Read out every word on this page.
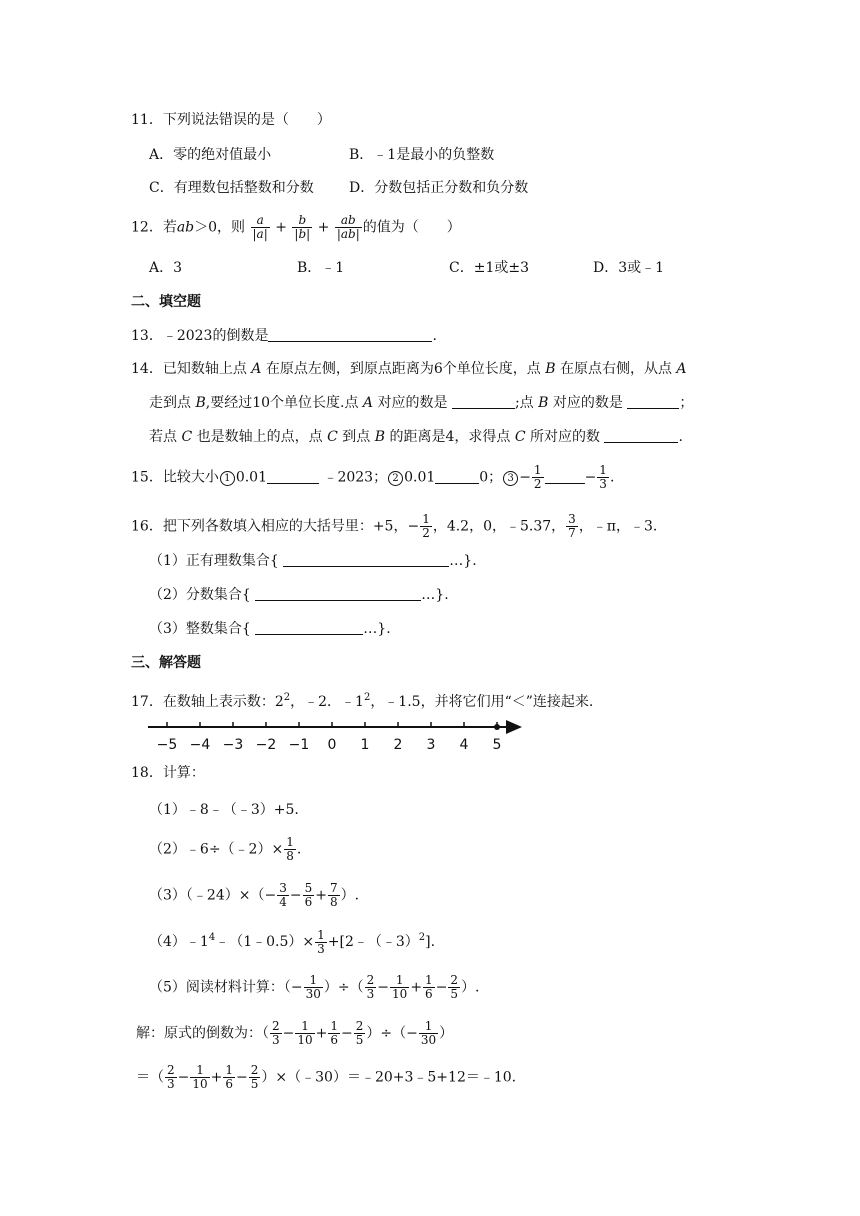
11．下列说法错误的是（　　）
A．零的绝对值最小	B．﹣1是最小的负整数
C．有理数包括整数和分数	D．分数包括正分数和负分数
12．若ab＞0，则 $\frac{a}{|a|} + \frac{b}{|b|} + \frac{ab}{|ab|}$ 的值为（　　）
A．3	B．﹣1	C．±1或±3	D．3或﹣1
二、填空题
13．﹣2023的倒数是	.
14．已知数轴上点 A 在原点左侧，到原点距离为6个单位长度，点 B 在原点右侧，从点 A
走到点 B,要经过10个单位长度.点 A 对应的数是	;点 B 对应的数是	；
若点 C 也是数轴上的点，点 C 到点 B 的距离是4，求得点 C 所对应的数	.
15．比较大小 1 0.01	﹣2023； 2 0.01	0； $3 - \frac{1}{2}$	− $\frac{1}{3}$ .
16．把下列各数填入相应的大括号里：+5，− $\frac{1}{2}$ ，4.2，0，﹣5.37， $\frac{3}{7}$ ，﹣π，﹣3.
（1）正有理数集合{	…}.
（2）分数集合{	…}.
（3）整数集合{	…}.
三、解答题
17．在数轴上表示数：$2^2$，﹣2．$﹣1^2$，﹣1.5，并将它们用“＜”连接起来.
−5 −4 −3 −2 −1 0 1 2 3 4 5
18．计算：
（1）﹣8﹣（﹣3）+5.
（2）﹣6÷（﹣2）× $\frac{1}{8}$ .
（3）（﹣24）×（− $\frac{3}{4} - \frac{5}{6} + \frac{7}{8}$ ）.
$(4)﹣1^4﹣(1﹣0.5)\times \frac{1}{3}$ +[2﹣（﹣3）$^2$].
（5）阅读材料计算：（− $\frac{1}{30}$ ）÷（ $\frac{2}{3} - \frac{1}{10} + \frac{1}{6} - \frac{2}{5}$ ）.
解：原式的倒数为：（ $\frac{2}{3} - \frac{1}{10} + \frac{1}{6} - \frac{2}{5}$ ）÷（− $\frac{1}{30}$ ）
＝（ $\frac{2}{3} - \frac{1}{10} + \frac{1}{6} - \frac{2}{5}$ ）×（﹣30）＝﹣20+3﹣5+12＝﹣10.
